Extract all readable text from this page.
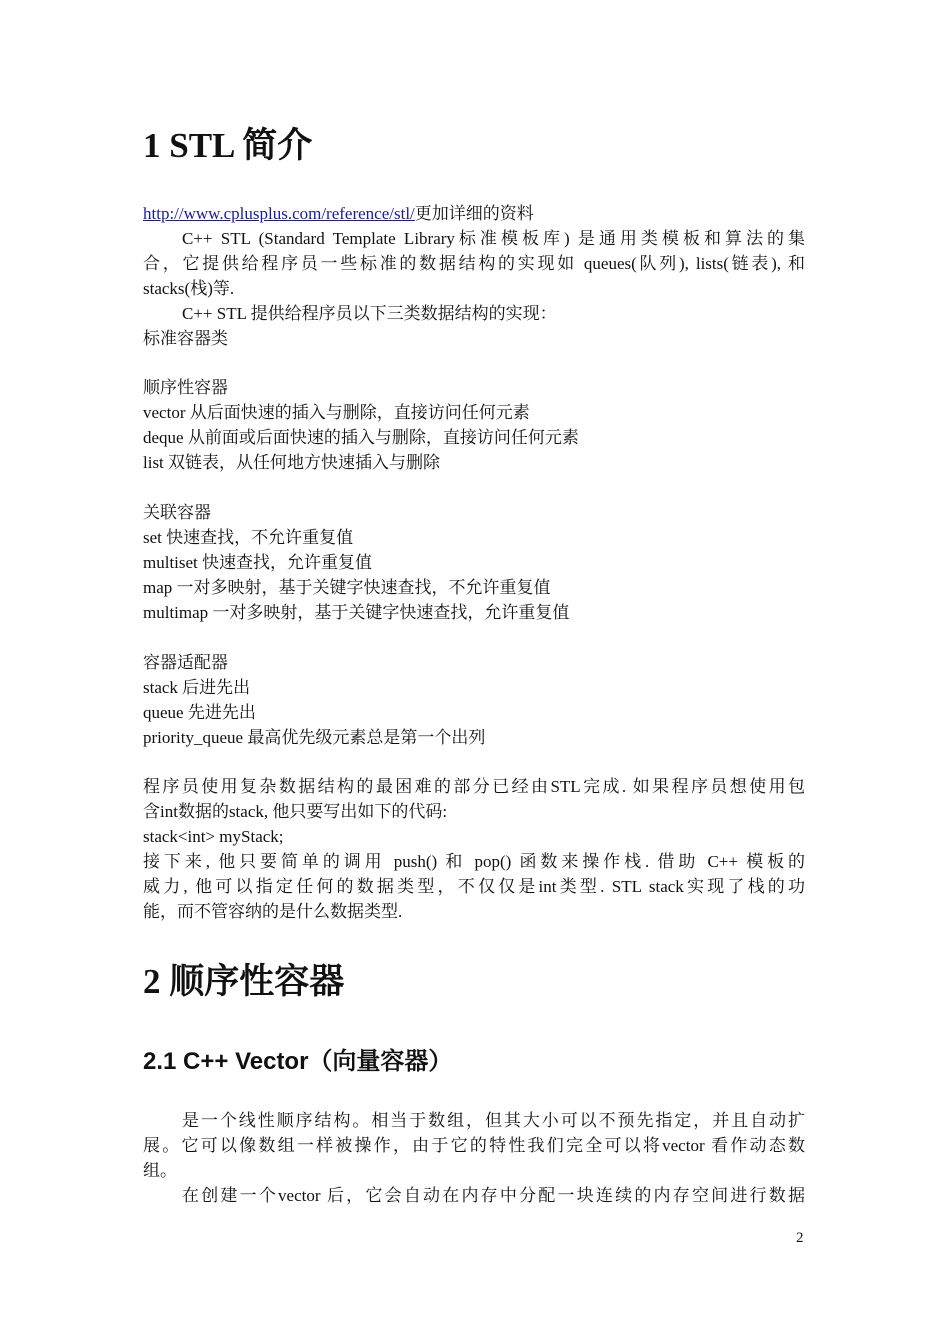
1 STL 简介
http://www.cplusplus.com/reference/stl/更加详细的资料
C++ STL (Standard Template Library标准模板库) 是通用类模板和算法的集
合，它提供给程序员一些标准的数据结构的实现如 queues(队列), lists(链表), 和
stacks(栈)等.
C++ STL 提供给程序员以下三类数据结构的实现：
标准容器类
顺序性容器
vector 从后面快速的插入与删除，直接访问任何元素
deque 从前面或后面快速的插入与删除，直接访问任何元素
list 双链表，从任何地方快速插入与删除
关联容器
set 快速查找，不允许重复值
multiset 快速查找，允许重复值
map 一对多映射，基于关键字快速查找，不允许重复值
multimap 一对多映射，基于关键字快速查找，允许重复值
容器适配器
stack 后进先出
queue 先进先出
priority_queue 最高优先级元素总是第一个出列
程序员使用复杂数据结构的最困难的部分已经由STL完成. 如果程序员想使用包
含int数据的stack, 他只要写出如下的代码:
stack<int> myStack;
接下来, 他只要简单的调用 push() 和 pop() 函数来操作栈. 借助 C++ 模板的
威力, 他可以指定任何的数据类型，不仅仅是int类型. STL stack实现了栈的功
能，而不管容纳的是什么数据类型.
2 顺序性容器
2.1 C++ Vector（向量容器）
是一个线性顺序结构。相当于数组，但其大小可以不预先指定，并且自动扩
展。它可以像数组一样被操作，由于它的特性我们完全可以将vector 看作动态数
组。
在创建一个vector 后，它会自动在内存中分配一块连续的内存空间进行数据
2
